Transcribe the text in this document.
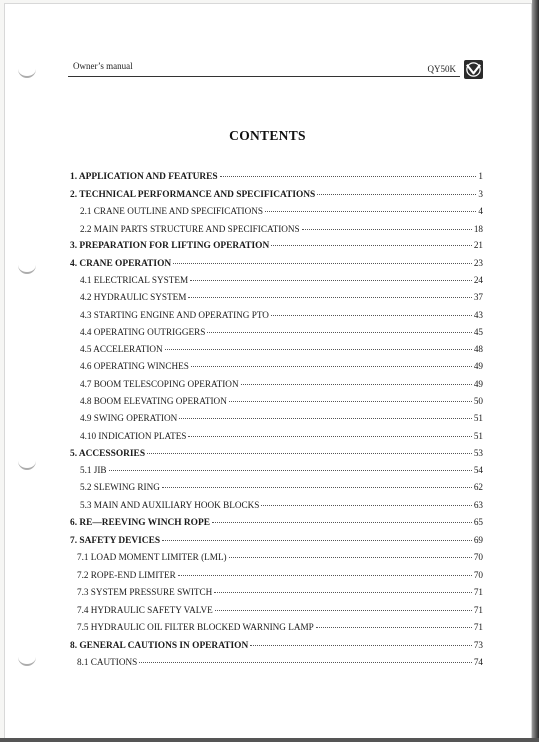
Owner’s manual	QY50K
CONTENTS
1. APPLICATION AND FEATURES	1
2. TECHNICAL PERFORMANCE AND SPECIFICATIONS	3
2.1 CRANE OUTLINE AND SPECIFICATIONS	4
2.2 MAIN PARTS STRUCTURE AND SPECIFICATIONS	18
3. PREPARATION FOR LIFTING OPERATION	21
4. CRANE OPERATION	23
4.1 ELECTRICAL SYSTEM	24
4.2 HYDRAULIC SYSTEM	37
4.3 STARTING ENGINE AND OPERATING PTO	43
4.4 OPERATING OUTRIGGERS	45
4.5 ACCELERATION	48
4.6 OPERATING WINCHES	49
4.7 BOOM TELESCOPING OPERATION	49
4.8 BOOM ELEVATING OPERATION	50
4.9 SWING OPERATION	51
4.10 INDICATION PLATES	51
5. ACCESSORIES	53
5.1 JIB	54
5.2 SLEWING RING	62
5.3 MAIN AND AUXILIARY HOOK BLOCKS	63
6. RE—REEVING WINCH ROPE	65
7. SAFETY DEVICES	69
7.1 LOAD MOMENT LIMITER (LML)	70
7.2 ROPE-END LIMITER	70
7.3 SYSTEM PRESSURE SWITCH	71
7.4 HYDRAULIC SAFETY VALVE	71
7.5 HYDRAULIC OIL FILTER BLOCKED WARNING LAMP	71
8. GENERAL CAUTIONS IN OPERATION	73
8.1 CAUTIONS	74
